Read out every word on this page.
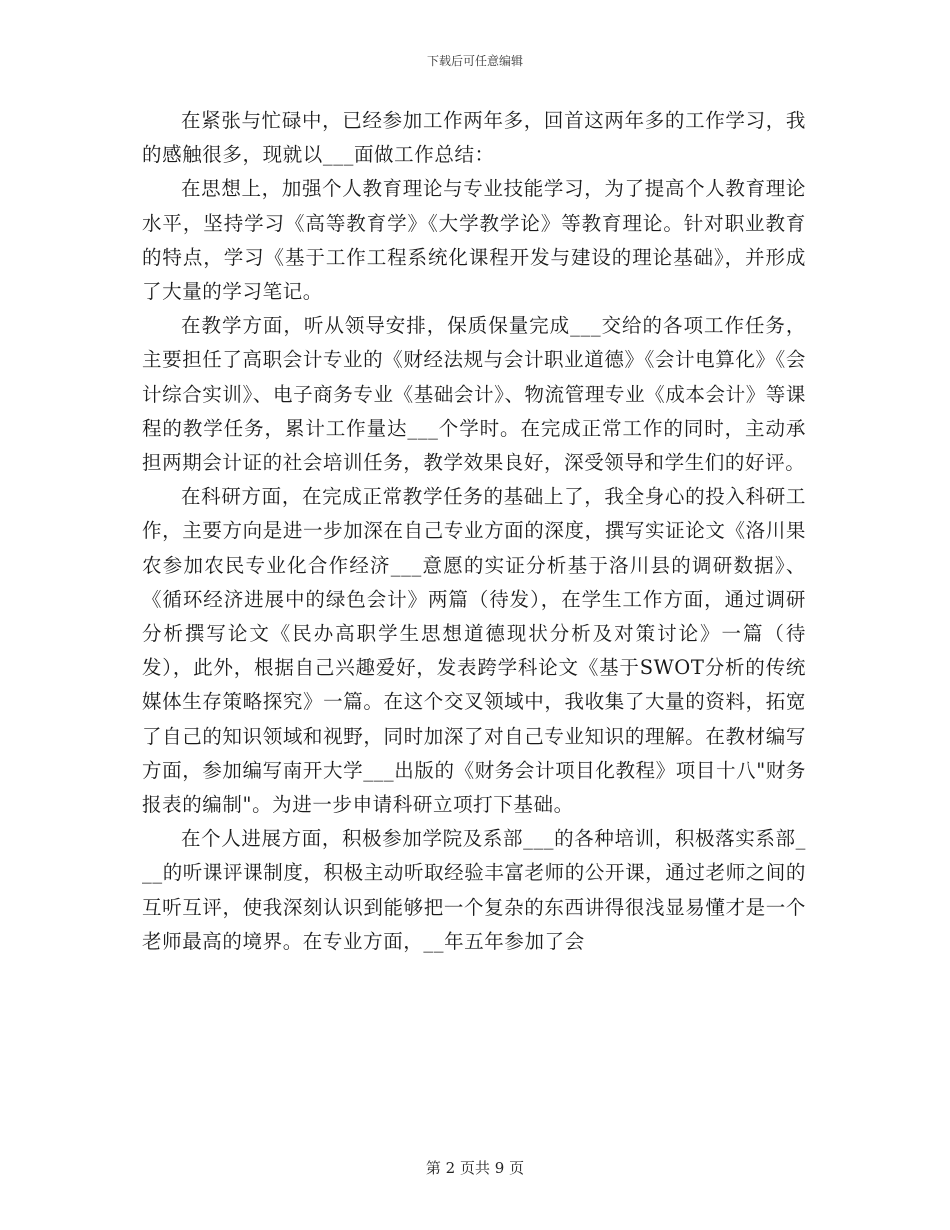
下载后可任意编辑

在紧张与忙碌中，已经参加工作两年多，回首这两年多的工作学习，我的感触很多，现就以___面做工作总结：

在思想上，加强个人教育理论与专业技能学习，为了提高个人教育理论水平，坚持学习《高等教育学》《大学教学论》等教育理论。针对职业教育的特点，学习《基于工作工程系统化课程开发与建设的理论基础》，并形成了大量的学习笔记。

在教学方面，听从领导安排，保质保量完成___交给的各项工作任务，主要担任了高职会计专业的《财经法规与会计职业道德》《会计电算化》《会计综合实训》、电子商务专业《基础会计》、物流管理专业《成本会计》等课程的教学任务，累计工作量达___个学时。在完成正常工作的同时，主动承担两期会计证的社会培训任务，教学效果良好，深受领导和学生们的好评。

在科研方面，在完成正常教学任务的基础上了，我全身心的投入科研工作，主要方向是进一步加深在自己专业方面的深度，撰写实证论文《洛川果农参加农民专业化合作经济___意愿的实证分析基于洛川县的调研数据》、《循环经济进展中的绿色会计》两篇（待发），在学生工作方面，通过调研分析撰写论文《民办高职学生思想道德现状分析及对策讨论》一篇（待发），此外，根据自己兴趣爱好，发表跨学科论文《基于SWOT分析的传统媒体生存策略探究》一篇。在这个交叉领域中，我收集了大量的资料，拓宽了自己的知识领域和视野，同时加深了对自己专业知识的理解。在教材编写方面，参加编写南开大学___出版的《财务会计项目化教程》项目十八"财务报表的编制"。为进一步申请科研立项打下基础。

在个人进展方面，积极参加学院及系部___的各种培训，积极落实系部___的听课评课制度，积极主动听取经验丰富老师的公开课，通过老师之间的互听互评，使我深刻认识到能够把一个复杂的东西讲得很浅显易懂才是一个老师最高的境界。在专业方面，__年五年参加了会

第 2 页共 9 页
